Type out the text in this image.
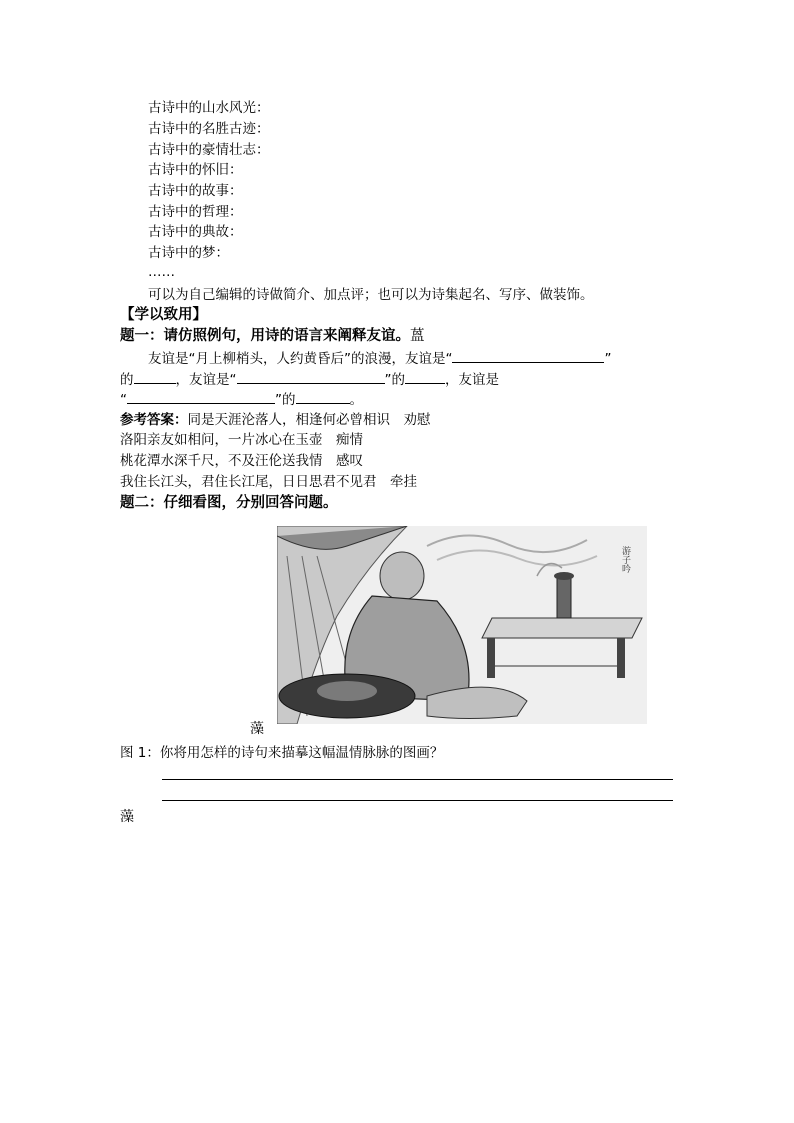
古诗中的山水风光：
古诗中的名胜古迹：
古诗中的豪情壮志：
古诗中的怀旧：
古诗中的故事：
古诗中的哲理：
古诗中的典故：
古诗中的梦：
……
可以为自己编辑的诗做简介、加点评；也可以为诗集起名、写序、做装饰。
【学以致用】
题一：请仿照例句，用诗的语言来阐释友谊。蒕
友谊是“月上柳梢头，人约黄昏后”的浪漫，友谊是“	”
的	，友谊是“	”的	，友谊是
“	”的	。
参考答案：同是天涯沦落人，相逢何必曾相识　劝慰
洛阳亲友如相问，一片冰心在玉壶　痴情
桃花潭水深千尺，不及汪伦送我情　感叹
我住长江头，君住长江尾，日日思君不见君　牵挂
题二：仔细看图，分别回答问题。
游子吟
藻
图 1：你将用怎样的诗句来描摹这幅温情脉脉的图画？
藻
